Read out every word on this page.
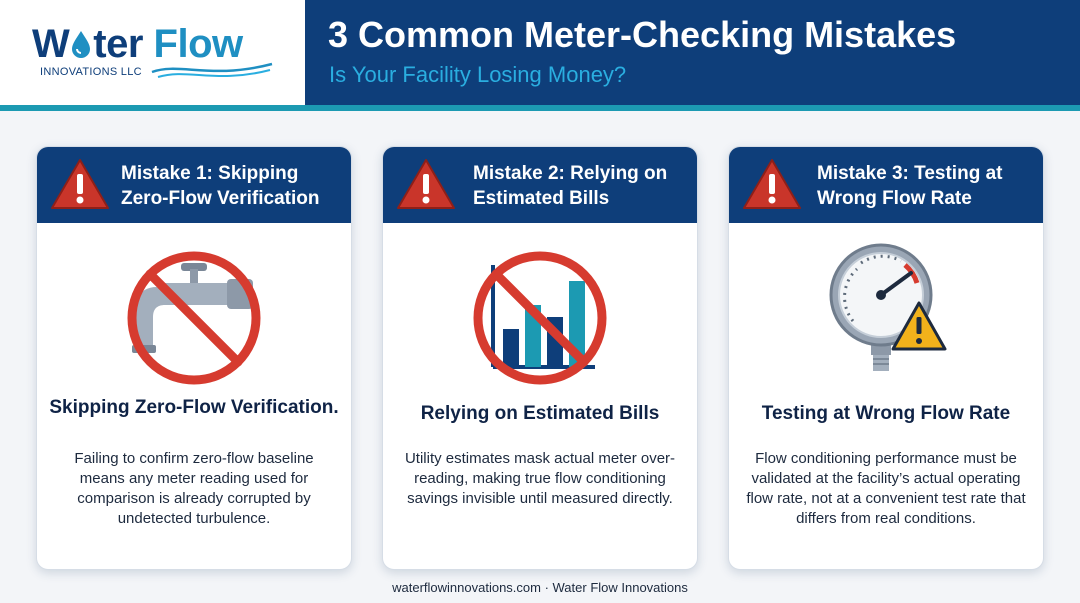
W ter Flow
INNOVATIONS LLC
3 Common Meter-Checking Mistakes
Is Your Facility Losing Money?
Mistake 1: Skipping Zero-Flow Verification
Skipping Zero-Flow Verification.
Failing to confirm zero-flow baseline means any meter reading used for comparison is already corrupted by undetected turbulence.
Mistake 2: Relying on Estimated Bills
Relying on Estimated Bills
Utility estimates mask actual meter over-reading, making true flow conditioning savings invisible until measured directly.
Mistake 3: Testing at Wrong Flow Rate
Testing at Wrong Flow Rate
Flow conditioning performance must be validated at the facility’s actual operating flow rate, not at a convenient test rate that differs from real conditions.
waterflowinnovations.com · Water Flow Innovations
